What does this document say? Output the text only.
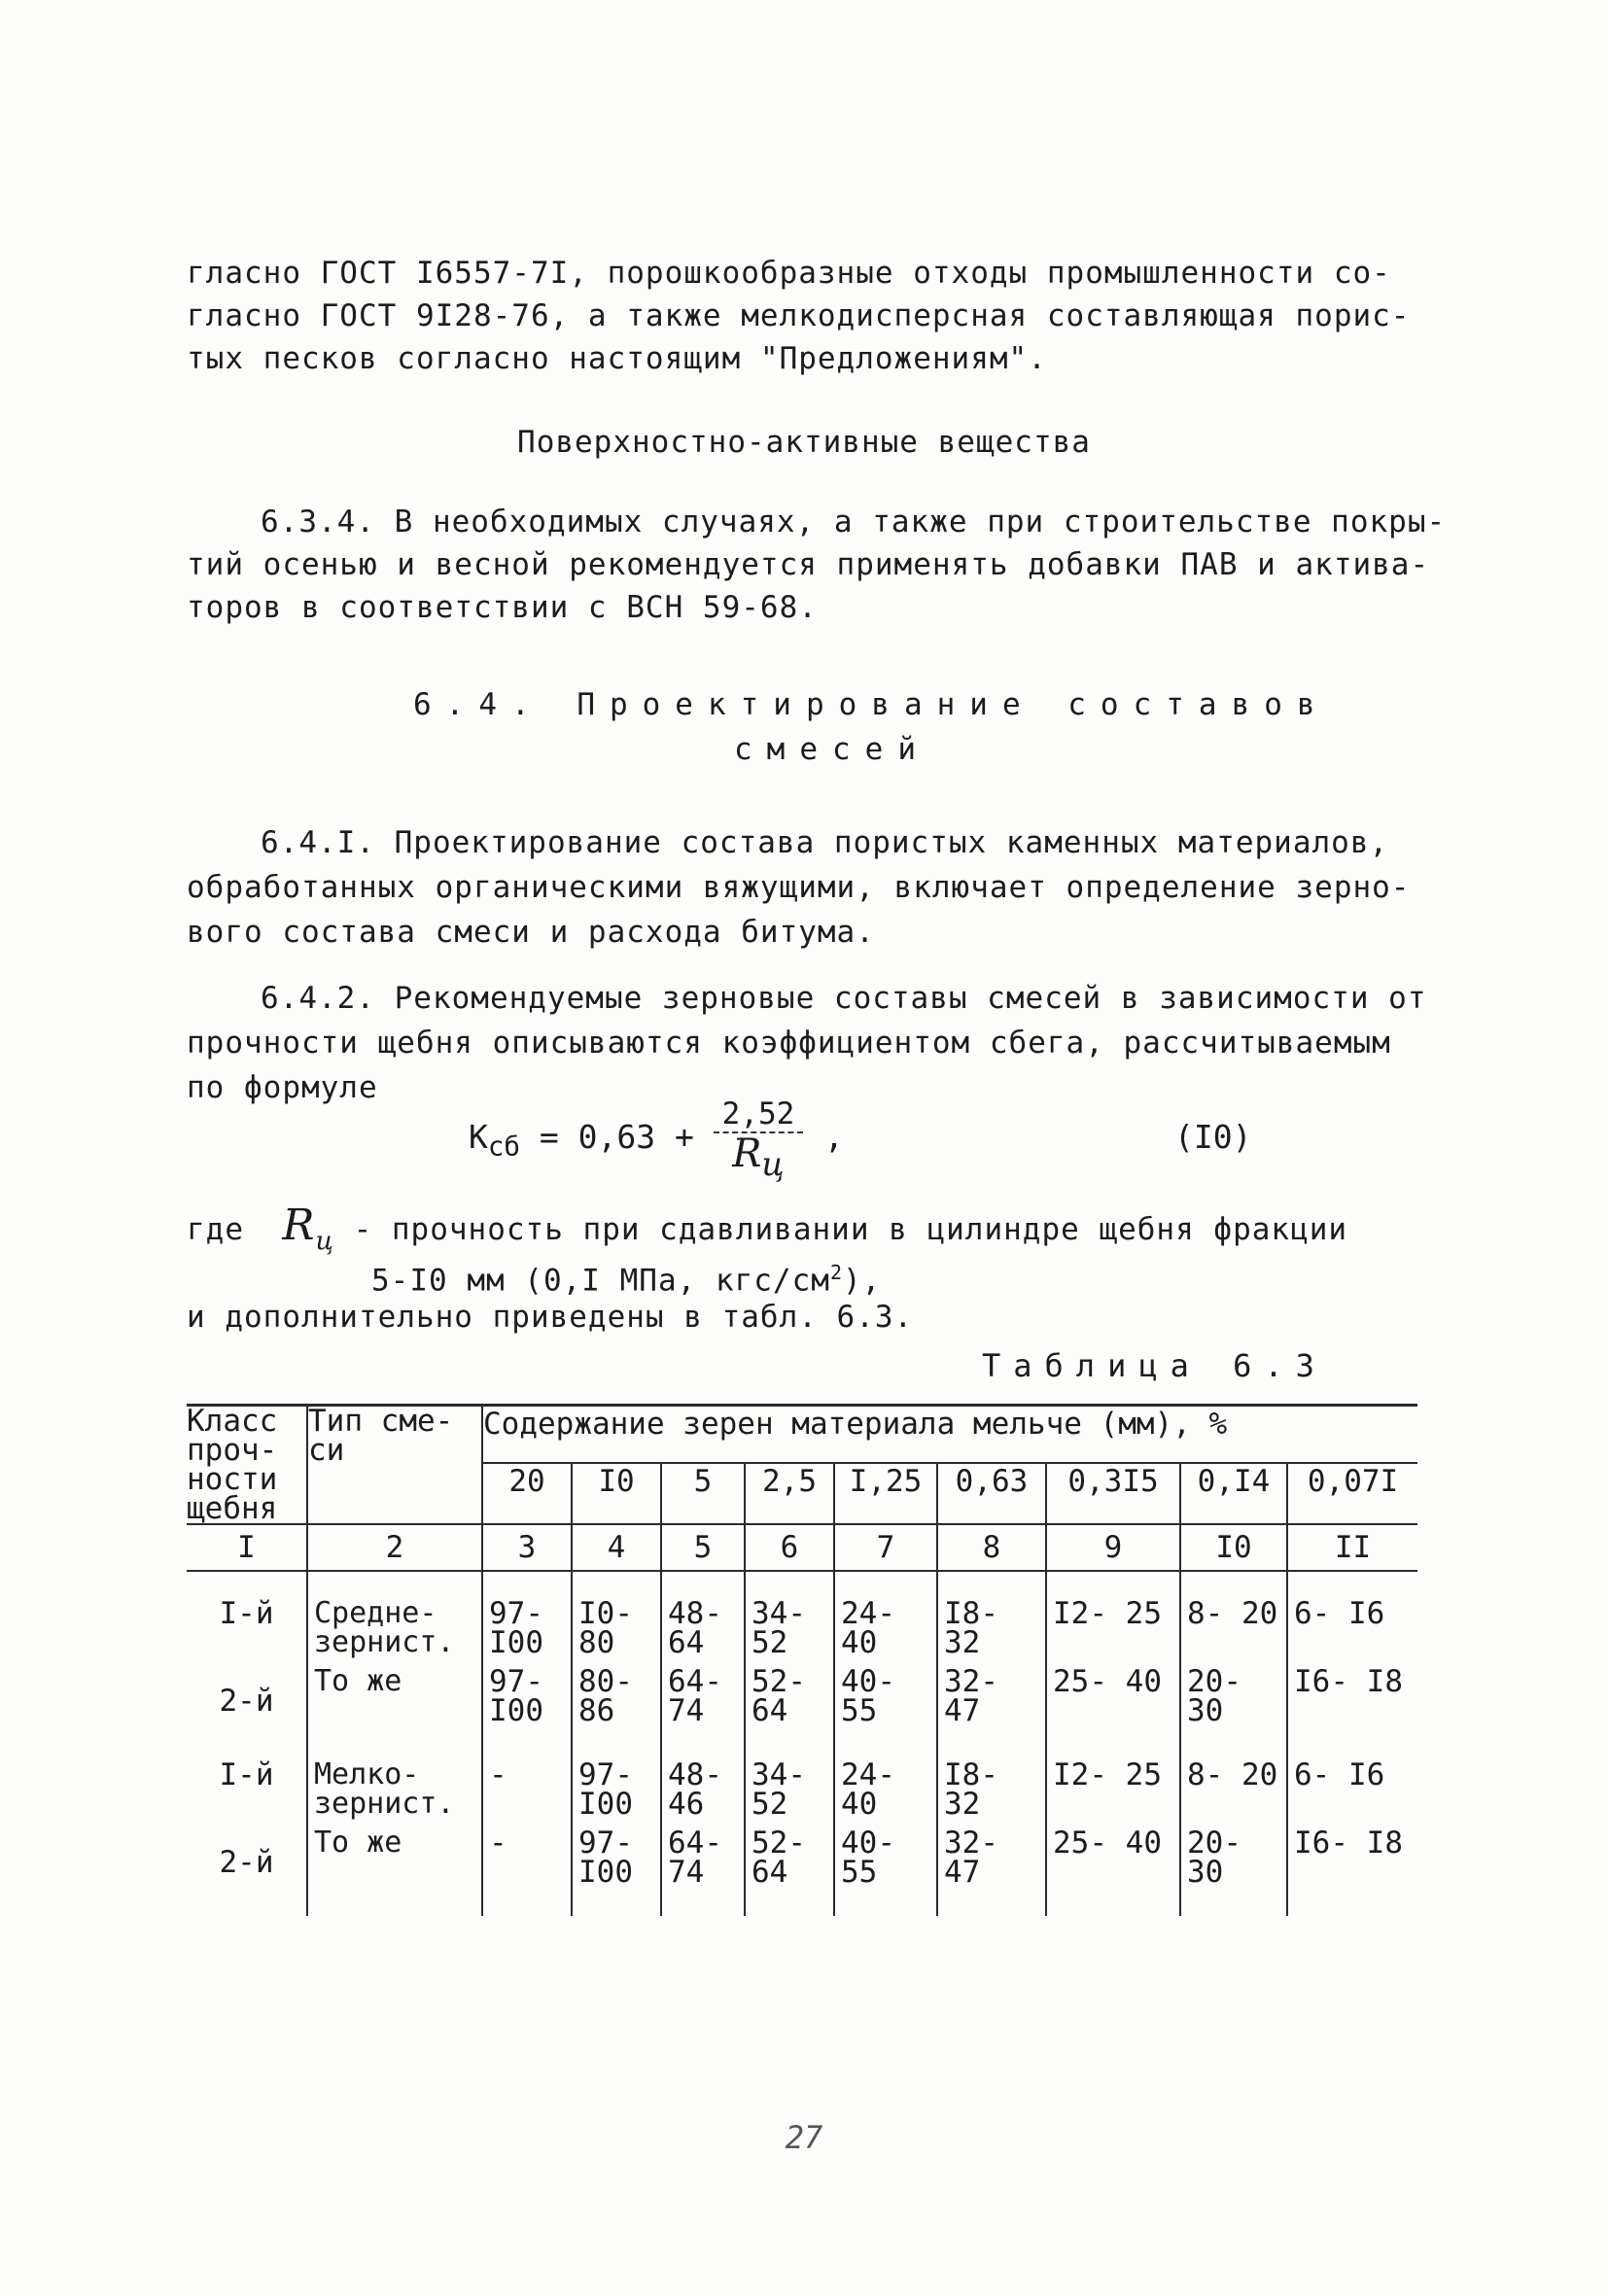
гласно ГОСТ I6557-7I, порошкообразные отходы промышленности со-
гласно ГОСТ 9I28-76, а также мелкодисперсная составляющая порис-
тых песков согласно настоящим "Предложениям".
Поверхностно-активные вещества
6.3.4. В необходимых случаях, а также при строительстве покры-
тий осенью и весной рекомендуется применять добавки ПАВ и актива-
торов в соответствии с ВСН 59-68.
6.4. Проектирование составов
смесей
6.4.I. Проектирование состава пористых каменных материалов,
обработанных органическими вяжущими, включает определение зерно-
вого состава смеси и расхода битума.
6.4.2. Рекомендуемые зерновые составы смесей в зависимости от
прочности щебня описываются коэффициентом сбега, рассчитываемым
по формуле
$К_{сб} = 0,63$ +
2,52
$R_ц$
,	(I0)
где $R_ц$ - прочность при сдавливании в цилиндре щебня фракции
5-I0 мм (0,I МПа, кгс/$см^2$),
и дополнительно приведены в табл. 6.3.
Таблица 6.3
Класс проч- ности щебня	Тип сме- си	Содержание зерен материала мельче (мм), %								
		20	I0	5	2,5	I,25	0,63	0,3I5	0,I4	0,07I
I	2	3	4	5	6	7	8	9	I0	II
I-й	Средне- зернист.	97- I00	I0- 80	48- 64	34- 52	24- 40	I8- 32	I2- 25	8- 20	6- I6
2-й	То же	97- I00	80- 86	64- 74	52- 64	40- 55	32- 47	25- 40	20- 30	I6- I8
I-й	Мелко- зернист.	-	97- I00	48- 46	34- 52	24- 40	I8- 32	I2- 25	8- 20	6- I6
2-й	То же	-	97- I00	64- 74	52- 64	40- 55	32- 47	25- 40	20- 30	I6- I8
27
